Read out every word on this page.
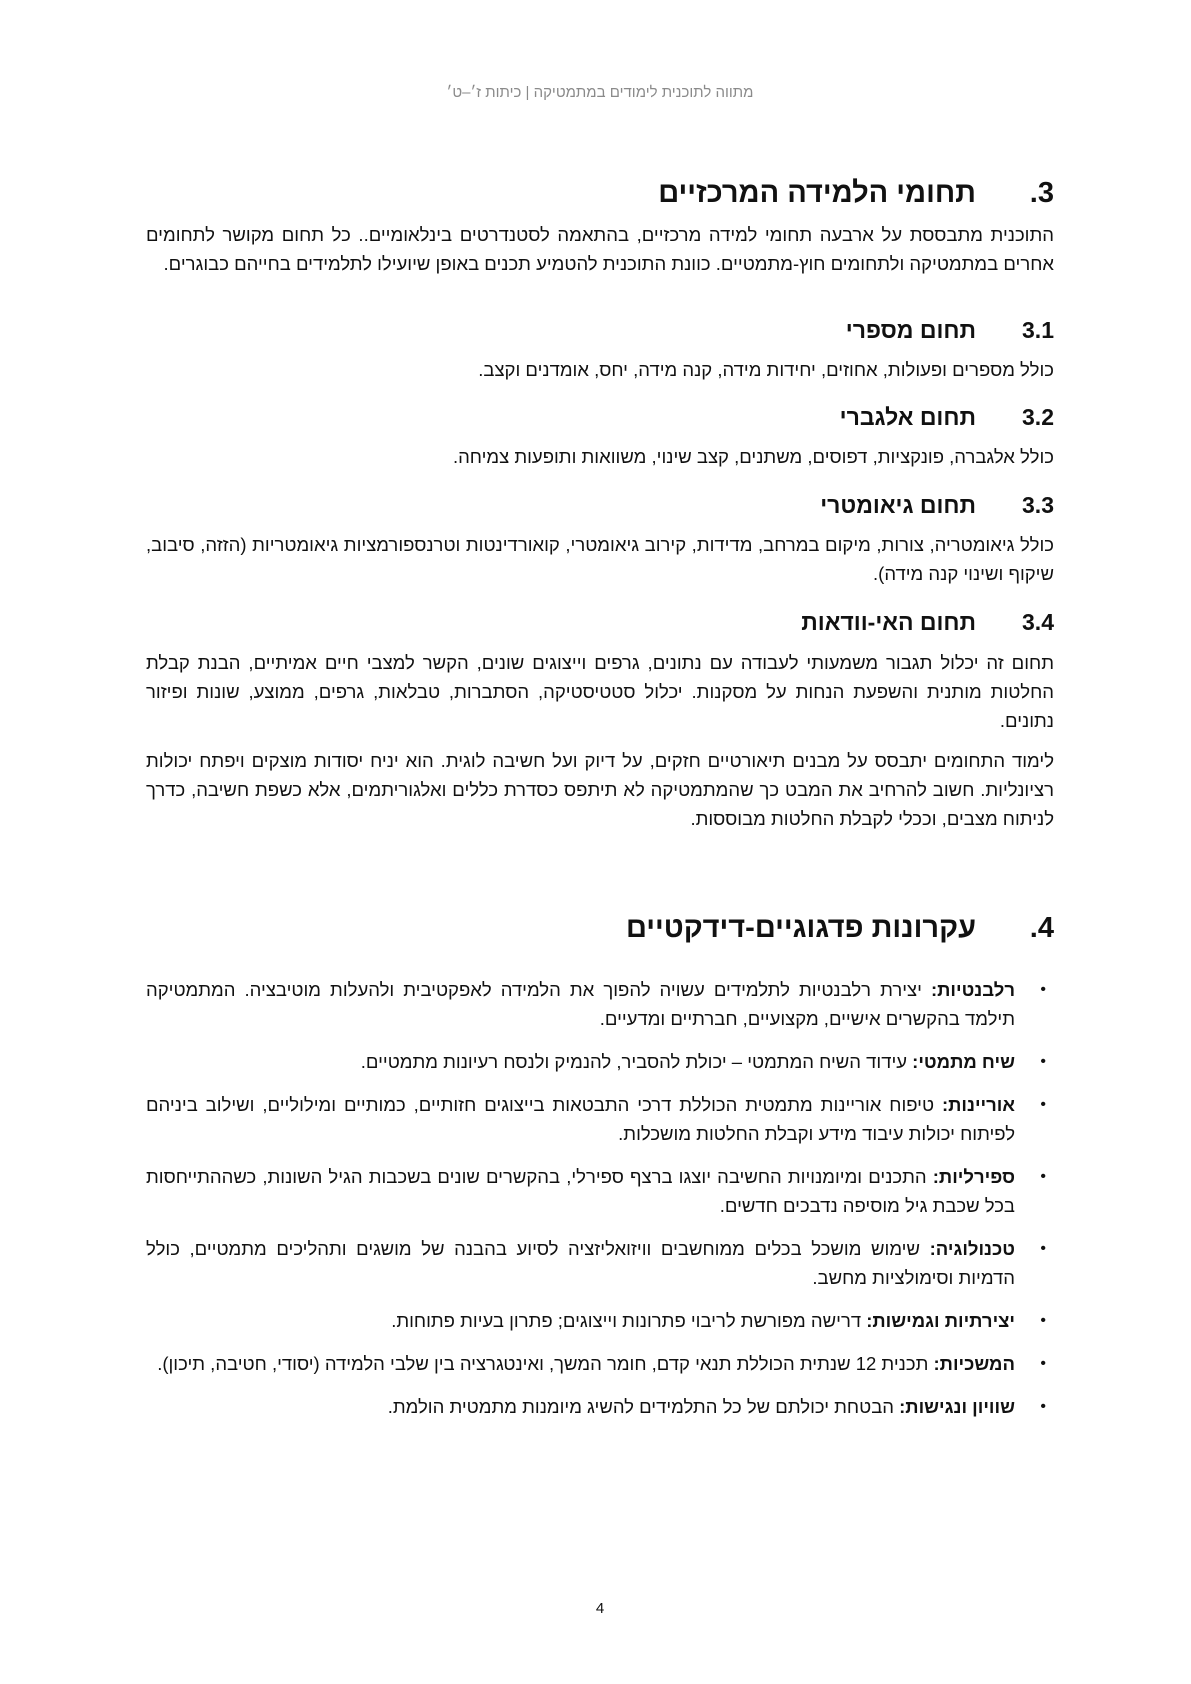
מתווה לתוכנית לימודים במתמטיקה | כיתות ז׳–ט׳
3.
תחומי הלמידה המרכזיים

התוכנית מתבססת על ארבעה תחומי למידה מרכזיים, בהתאמה לסטנדרטים בינלאומיים.. כל תחום מקושר לתחומים אחרים במתמטיקה ולתחומים חוץ-מתמטיים. כוונת התוכנית להטמיע תכנים באופן שיועילו לתלמידים בחייהם כבוגרים.

3.1
תחום מספרי

כולל מספרים ופעולות, אחוזים, יחידות מידה, קנה מידה, יחס, אומדנים וקצב.

3.2
תחום אלגברי

כולל אלגברה, פונקציות, דפוסים, משתנים, קצב שינוי, משוואות ותופעות צמיחה.

3.3
תחום גיאומטרי

כולל גיאומטריה, צורות, מיקום במרחב, מדידות, קירוב גיאומטרי, קואורדינטות וטרנספורמציות גיאומטריות (הזזה, סיבוב, שיקוף ושינוי קנה מידה).

3.4
תחום האי-וודאות

תחום זה יכלול תגבור משמעותי לעבודה עם נתונים, גרפים וייצוגים שונים, הקשר למצבי חיים אמיתיים, הבנת קבלת החלטות מותנית והשפעת הנחות על מסקנות. יכלול סטטיסטיקה, הסתברות, טבלאות, גרפים, ממוצע, שונות ופיזור נתונים.

לימוד התחומים יתבסס על מבנים תיאורטיים חזקים, על דיוק ועל חשיבה לוגית. הוא יניח יסודות מוצקים ויפתח יכולות רציונליות. חשוב להרחיב את המבט כך שהמתמטיקה לא תיתפס כסדרת כללים ואלגוריתמים, אלא כשפת חשיבה, כדרך לניתוח מצבים, וככלי לקבלת החלטות מבוססות.

4.
עקרונות פדגוגיים-דידקטיים
•
רלבנטיות: יצירת רלבנטיות לתלמידים עשויה להפוך את הלמידה לאפקטיבית ולהעלות מוטיבציה. המתמטיקה תילמד בהקשרים אישיים, מקצועיים, חברתיים ומדעיים.
•
שיח מתמטי: עידוד השיח המתמטי – יכולת להסביר, להנמיק ולנסח רעיונות מתמטיים.
•
אוריינות: טיפוח אוריינות מתמטית הכוללת דרכי התבטאות בייצוגים חזותיים, כמותיים ומילוליים, ושילוב ביניהם לפיתוח יכולות עיבוד מידע וקבלת החלטות מושכלות.
•
ספירליות: התכנים ומיומנויות החשיבה יוצגו ברצף ספירלי, בהקשרים שונים בשכבות הגיל השונות, כשההתייחסות בכל שכבת גיל מוסיפה נדבכים חדשים.
•
טכנולוגיה: שימוש מושכל בכלים ממוחשבים וויזואליזציה לסיוע בהבנה של מושגים ותהליכים מתמטיים, כולל הדמיות וסימולציות מחשב.
•
יצירתיות וגמישות: דרישה מפורשת לריבוי פתרונות וייצוגים; פתרון בעיות פתוחות.
•
המשכיות: תכנית 12 שנתית הכוללת תנאי קדם, חומר המשך, ואינטגרציה בין שלבי הלמידה (יסודי, חטיבה, תיכון).
•
שוויון ונגישות: הבטחת יכולתם של כל התלמידים להשיג מיומנות מתמטית הולמת.
4
